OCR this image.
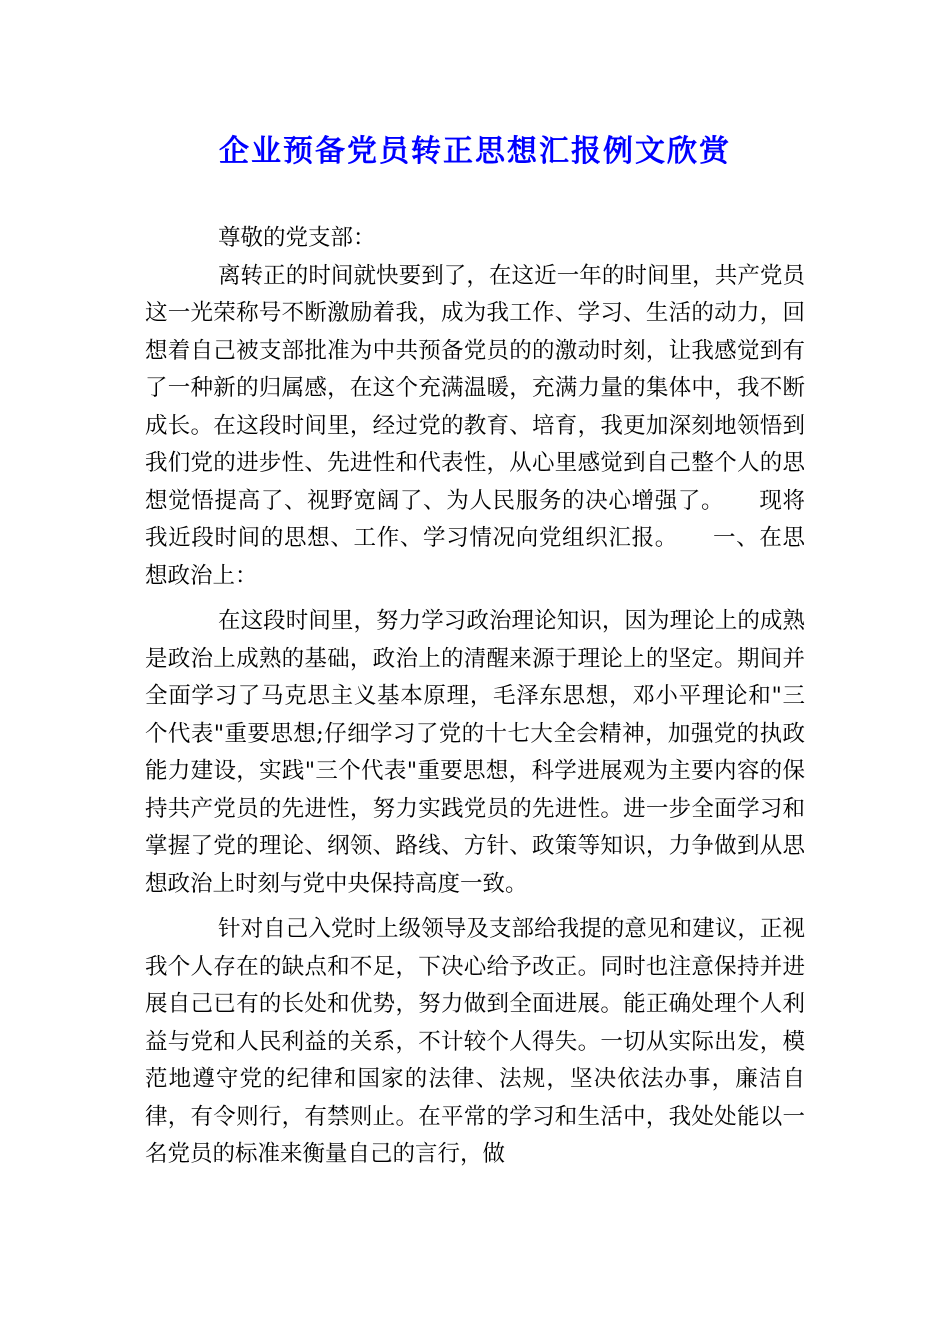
企业预备党员转正思想汇报例文欣赏

尊敬的党支部：

离转正的时间就快要到了，在这近一年的时间里，共产党员这一光荣称号不断激励着我，成为我工作、学习、生活的动力，回想着自己被支部批准为中共预备党员的的激动时刻，让我感觉到有了一种新的归属感，在这个充满温暖，充满力量的集体中，我不断成长。在这段时间里，经过党的教育、培育，我更加深刻地领悟到我们党的进步性、先进性和代表性，从心里感觉到自己整个人的思想觉悟提高了、视野宽阔了、为人民服务的决心增强了。　　现将我近段时间的思想、工作、学习情况向党组织汇报。　　一、在思想政治上：

在这段时间里，努力学习政治理论知识，因为理论上的成熟是政治上成熟的基础，政治上的清醒来源于理论上的坚定。期间并全面学习了马克思主义基本原理，毛泽东思想，邓小平理论和"三个代表"重要思想;仔细学习了党的十七大全会精神，加强党的执政能力建设，实践"三个代表"重要思想，科学进展观为主要内容的保持共产党员的先进性，努力实践党员的先进性。进一步全面学习和掌握了党的理论、纲领、路线、方针、政策等知识，力争做到从思想政治上时刻与党中央保持高度一致。

针对自己入党时上级领导及支部给我提的意见和建议，正视我个人存在的缺点和不足，下决心给予改正。同时也注意保持并进展自己已有的长处和优势，努力做到全面进展。能正确处理个人利益与党和人民利益的关系，不计较个人得失。一切从实际出发，模范地遵守党的纪律和国家的法律、法规，坚决依法办事，廉洁自律，有令则行，有禁则止。在平常的学习和生活中，我处处能以一名党员的标准来衡量自己的言行，做
